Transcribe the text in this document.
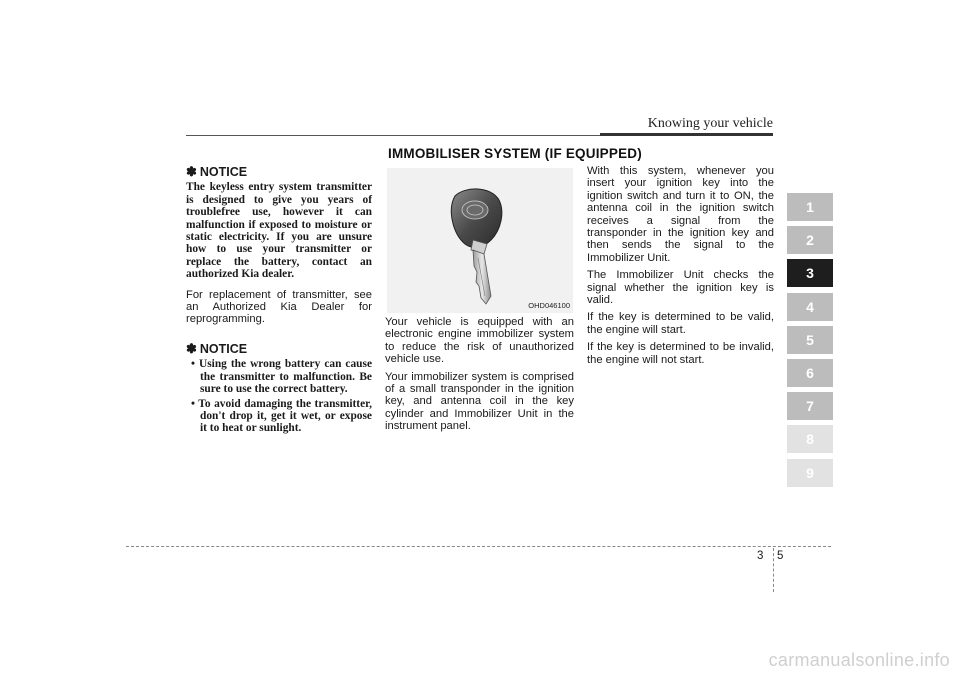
Knowing your vehicle
IMMOBILISER SYSTEM (IF EQUIPPED)
✽ NOTICE

The keyless entry system transmitter is designed to give you years of troublefree use, however it can malfunction if exposed to moisture or static electricity. If you are unsure how to use your transmitter or replace the battery, contact an authorized Kia dealer.

For replacement of transmitter, see an Authorized Kia Dealer for reprogramming.

✽ NOTICE
• Using the wrong battery can cause the transmitter to malfunction. Be sure to use the correct battery.
• To avoid damaging the transmitter, don't drop it, get it wet, or expose it to heat or sunlight.
OHD046100

Your vehicle is equipped with an electronic engine immobilizer system to reduce the risk of unauthorized vehicle use.

Your immobilizer system is comprised of a small transponder in the ignition key, and antenna coil in the key cylinder and Immobilizer Unit in the instrument panel.

With this system, whenever you insert your ignition key into the ignition switch and turn it to ON, the antenna coil in the ignition switch receives a signal from the transponder in the ignition key and then sends the signal to the Immobilizer Unit.

The Immobilizer Unit checks the signal whether the ignition key is valid.

If the key is determined to be valid, the engine will start.

If the key is determined to be invalid, the engine will not start.

1
2
3
4
5
6
7
8
9
3 5
carmanualsonline.info
